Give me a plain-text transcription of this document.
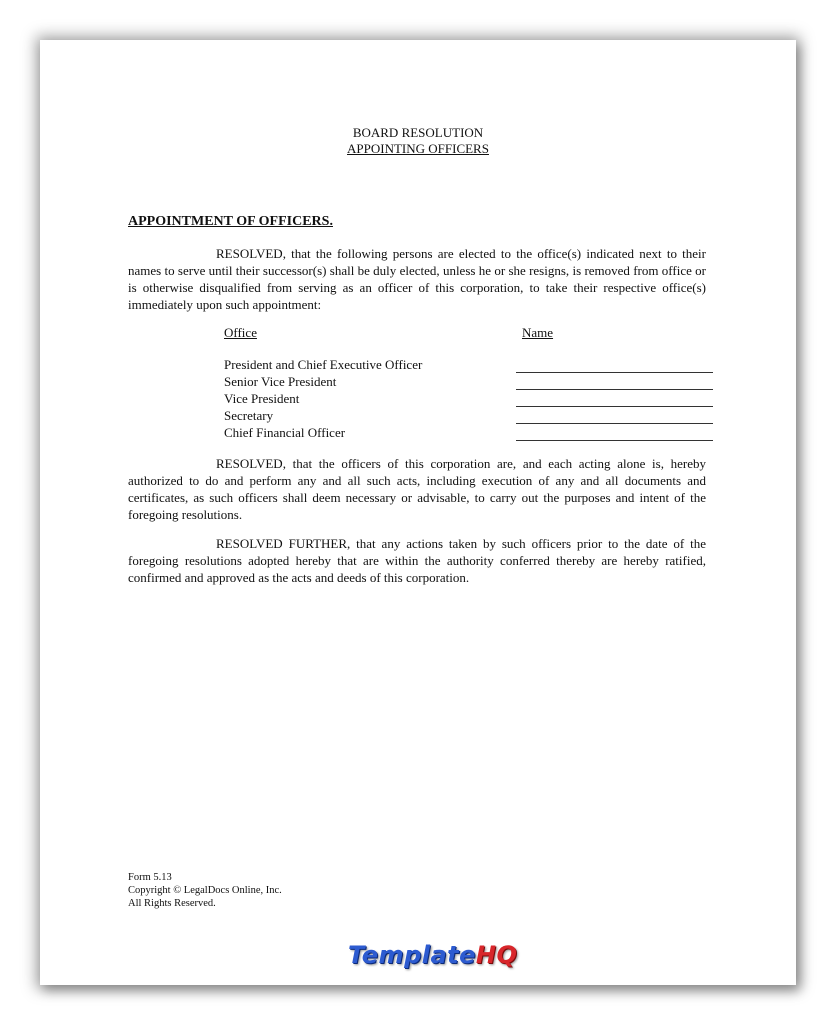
BOARD RESOLUTION
APPOINTING OFFICERS
APPOINTMENT OF OFFICERS.
RESOLVED, that the following persons are elected to the office(s) indicated next to their names to serve until their successor(s) shall be duly elected, unless he or she resigns, is removed from office or is otherwise disqualified from serving as an officer of this corporation, to take their respective office(s) immediately upon such appointment:
Office	Name
President and Chief Executive Officer
Senior Vice President
Vice President
Secretary
Chief Financial Officer
RESOLVED, that the officers of this corporation are, and each acting alone is, hereby authorized to do and perform any and all such acts, including execution of any and all documents and certificates, as such officers shall deem necessary or advisable, to carry out the purposes and intent of the foregoing resolutions.
RESOLVED FURTHER, that any actions taken by such officers prior to the date of the foregoing resolutions adopted hereby that are within the authority conferred thereby are hereby ratified, confirmed and approved as the acts and deeds of this corporation.
Form 5.13
Copyright © LegalDocs Online, Inc.
All Rights Reserved.
TemplateHQ
